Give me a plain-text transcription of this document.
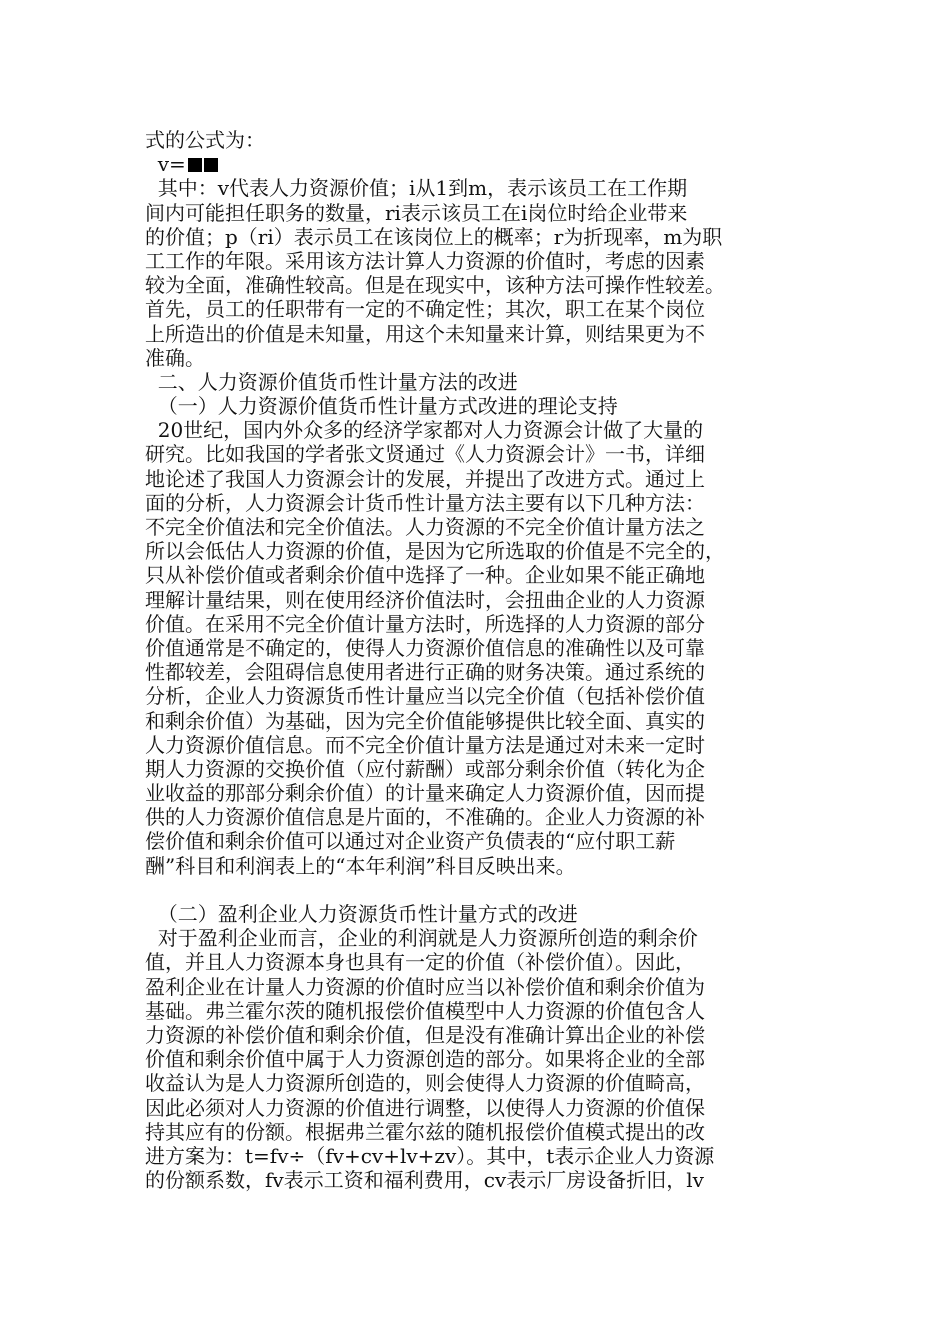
式的公式为：
v=
其中：v代表人力资源价值；i从1到m，表示该员工在工作期
间内可能担任职务的数量，ri表示该员工在i岗位时给企业带来
的价值；p（ri）表示员工在该岗位上的概率；r为折现率，m为职
工工作的年限。采用该方法计算人力资源的价值时，考虑的因素
较为全面，准确性较高。但是在现实中，该种方法可操作性较差。
首先，员工的任职带有一定的不确定性；其次，职工在某个岗位
上所造出的价值是未知量，用这个未知量来计算，则结果更为不
准确。
二、人力资源价值货币性计量方法的改进
（一）人力资源价值货币性计量方式改进的理论支持
20世纪，国内外众多的经济学家都对人力资源会计做了大量的
研究。比如我国的学者张文贤通过《人力资源会计》一书，详细
地论述了我国人力资源会计的发展，并提出了改进方式。通过上
面的分析，人力资源会计货币性计量方法主要有以下几种方法：
不完全价值法和完全价值法。人力资源的不完全价值计量方法之
所以会低估人力资源的价值，是因为它所选取的价值是不完全的，
只从补偿价值或者剩余价值中选择了一种。企业如果不能正确地
理解计量结果，则在使用经济价值法时，会扭曲企业的人力资源
价值。在采用不完全价值计量方法时，所选择的人力资源的部分
价值通常是不确定的，使得人力资源价值信息的准确性以及可靠
性都较差，会阻碍信息使用者进行正确的财务决策。通过系统的
分析，企业人力资源货币性计量应当以完全价值（包括补偿价值
和剩余价值）为基础，因为完全价值能够提供比较全面、真实的
人力资源价值信息。而不完全价值计量方法是通过对未来一定时
期人力资源的交换价值（应付薪酬）或部分剩余价值（转化为企
业收益的那部分剩余价值）的计量来确定人力资源价值，因而提
供的人力资源价值信息是片面的，不准确的。企业人力资源的补
偿价值和剩余价值可以通过对企业资产负债表的“应付职工薪
酬”科目和利润表上的“本年利润”科目反映出来。
（二）盈利企业人力资源货币性计量方式的改进
对于盈利企业而言，企业的利润就是人力资源所创造的剩余价
值，并且人力资源本身也具有一定的价值（补偿价值）。因此，
盈利企业在计量人力资源的价值时应当以补偿价值和剩余价值为
基础。弗兰霍尔茨的随机报偿价值模型中人力资源的价值包含人
力资源的补偿价值和剩余价值，但是没有准确计算出企业的补偿
价值和剩余价值中属于人力资源创造的部分。如果将企业的全部
收益认为是人力资源所创造的，则会使得人力资源的价值畸高，
因此必须对人力资源的价值进行调整，以使得人力资源的价值保
持其应有的份额。根据弗兰霍尔兹的随机报偿价值模式提出的改
进方案为：t=fv÷（fv+cv+lv+zv）。其中，t表示企业人力资源
的份额系数，fv表示工资和福利费用，cv表示厂房设备折旧，lv
